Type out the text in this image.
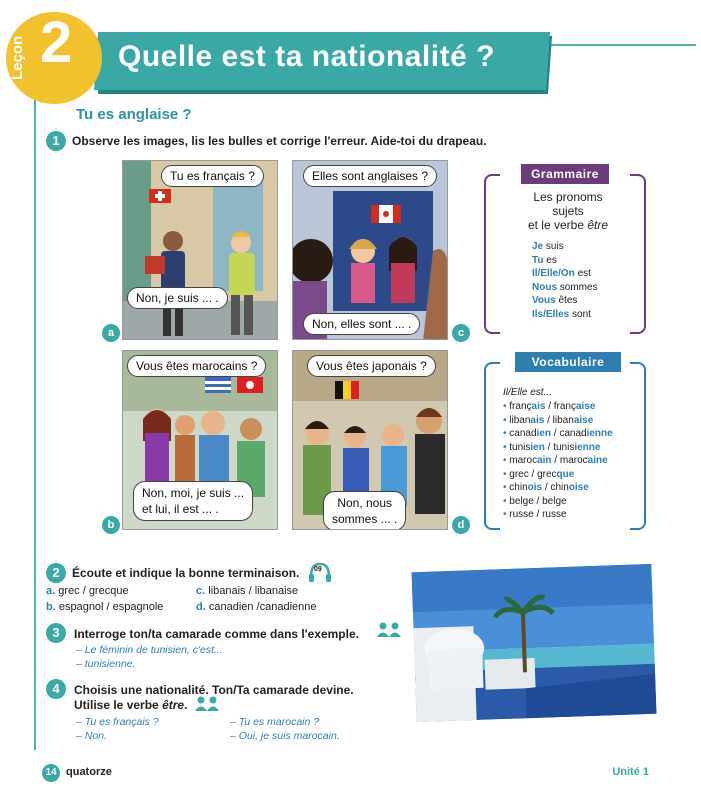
Quelle est ta nationalité ?
Leçon 2
Tu es anglaise ?
1	Observe les images, lis les bulles et corrige l'erreur. Aide-toi du drapeau.
Tu es français ?
Non, je suis ... .
a
Elles sont anglaises ?
Non, elles sont ... .
c
Vous êtes marocains ?
Non, moi, je suis ...
et lui, il est ... .
b
Vous êtes japonais ?
Non, nous
sommes ... .	d
Grammaire
Les pronoms
sujets
et le verbe être
Je suis
Tu es
Il/Elle/On est
Nous sommes
Vous êtes
Ils/Elles sont
Vocabulaire
Il/Elle est...
• français / française
• libanais / libanaise
• canadien / canadienne
• tunisien / tunisienne
• marocain / marocaine
• grec / grecque
• chinois / chinoise
• belge / belge
• russe / russe
2	Écoute et indique la bonne terminaison. 09
a. grec / grecque	c. libanais / libanaise
b. espagnol / espagnole	d. canadien /canadienne
3	Interroge ton/ta camarade comme dans l'exemple.
– Le féminin de tunisien, c'est...
– tunisienne.
4	Choisis une nationalité. Ton/Ta camarade devine.
Utilise le verbe être.
– Tu es français ?
– Non.
– Tu es marocain ?
– Oui, je suis marocain.
14 quatorze	Unité 1
